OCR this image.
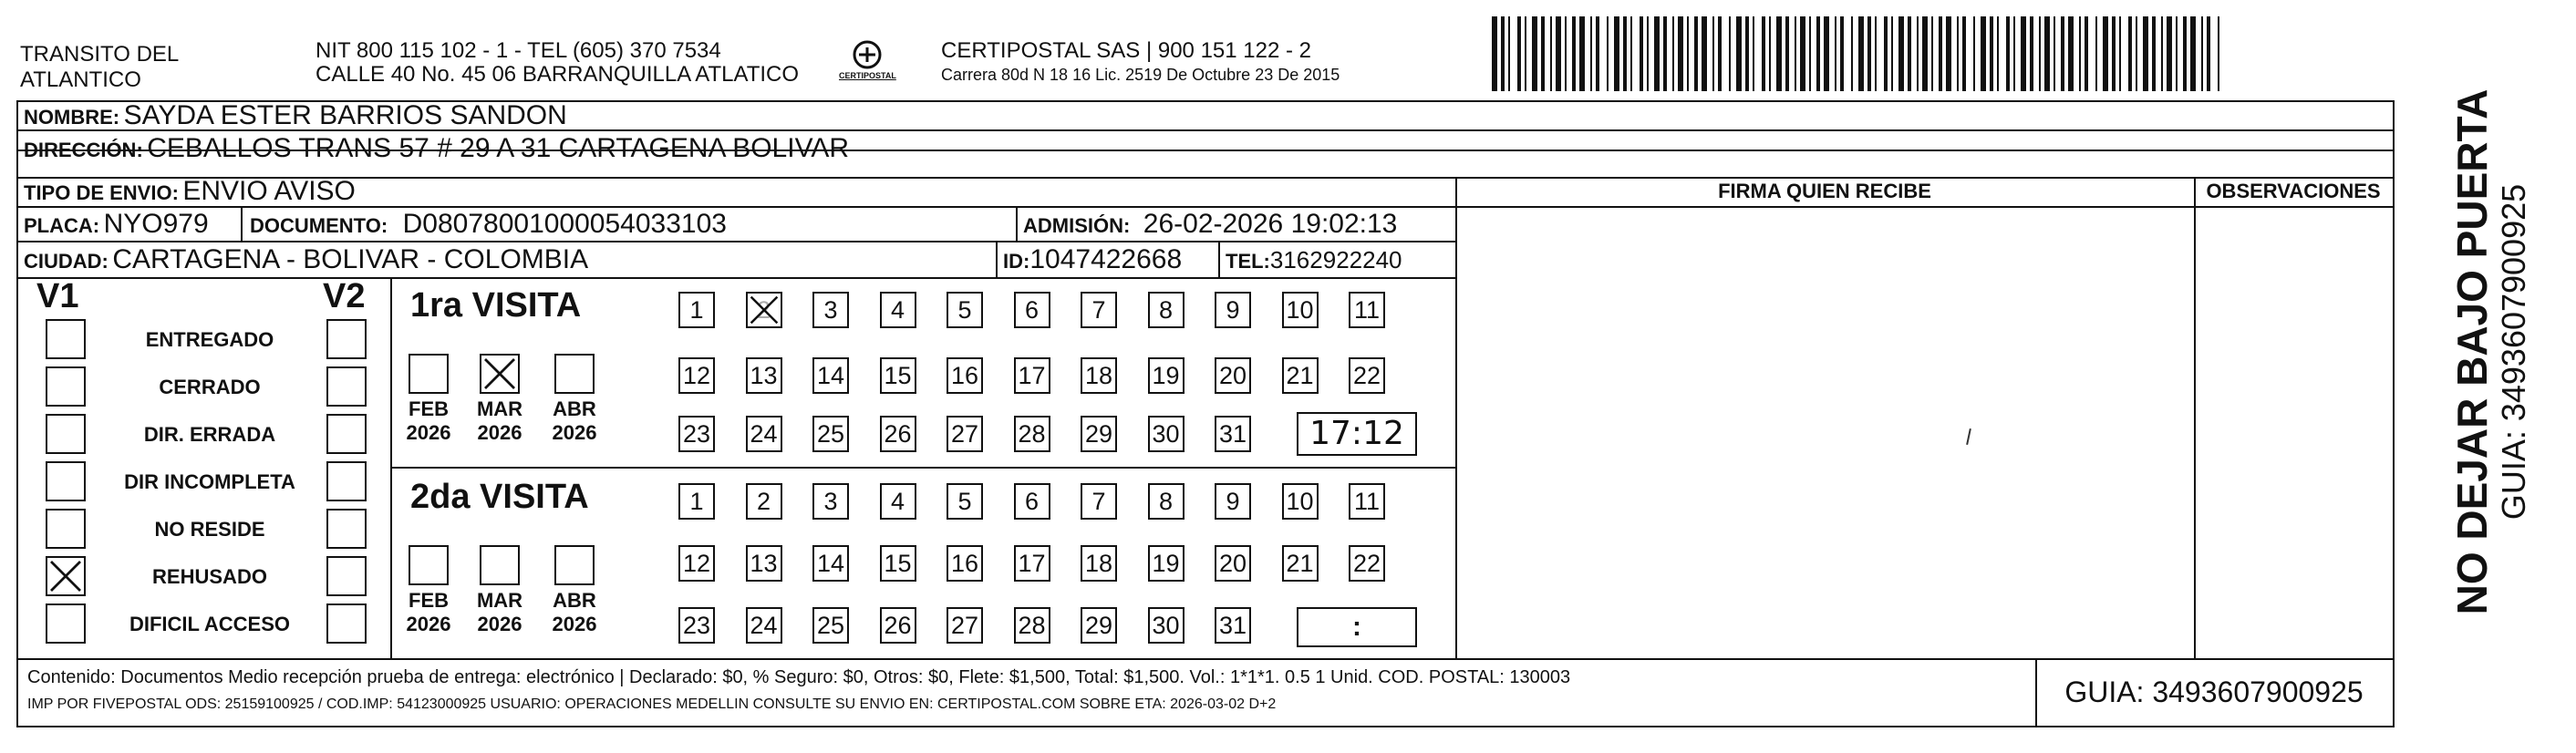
TRANSITO DEL ATLANTICO
NIT 800 115 102 - 1 - TEL (605) 370 7534
CALLE 40 No. 45 06 BARRANQUILLA ATLATICO	CERTIPOSTAL
CERTIPOSTAL SAS | 900 151 122 - 2
Carrera 80d N 18 16 Lic. 2519 De Octubre 23 De 2015
NOMBRE: SAYDA ESTER BARRIOS SANDON
DIRECCIÓN: CEBALLOS TRANS 57 # 29 A 31 CARTAGENA BOLIVAR
TIPO DE ENVIO: ENVIO AVISO	FIRMA QUIEN RECIBE	OBSERVACIONES
PLACA: NYO979 DOCUMENTO: D08078001000054033103	ADMISIÓN: 26-02-2026 19:02:13
CIUDAD: CARTAGENA - BOLIVAR - COLOMBIA	ID:1047422668 TEL:3162922240
V1	V2
ENTREGADO
CERRADO
DIR. ERRADA
DIR INCOMPLETA
NO RESIDE
REHUSADO
DIFICIL ACCESO
1ra VISITA
FEB
2026
MAR
2026
ABR
2026
1	2	3	4	5	6	7	8	9	10 11
12 13 14 15 16 17 18 19 20 21 22
23 24 25 26 27 28 29 30 31	17:12
2da VISITA
FEB
2026
MAR
2026
ABR
2026
1	2	3	4	5	6	7	8	9	10 11
12 13 14 15 16 17 18 19 20 21 22
23 24 25 26 27 28 29 30 31	:
Contenido: Documentos Medio recepción prueba de entrega: electrónico | Declarado: $0, % Seguro: $0, Otros: $0, Flete: $1,500, Total: $1,500. Vol.: 1*1*1. 0.5 1 Unid. COD. POSTAL: 130003
IMP POR FIVEPOSTAL ODS: 25159100925 / COD.IMP: 54123000925 USUARIO: OPERACIONES MEDELLIN CONSULTE SU ENVIO EN: CERTIPOSTAL.COM SOBRE ETA: 2026-03-02 D+2	GUIA: 3493607900925
NO DEJAR BAJO PUERTA GUIA: 3493607900925
